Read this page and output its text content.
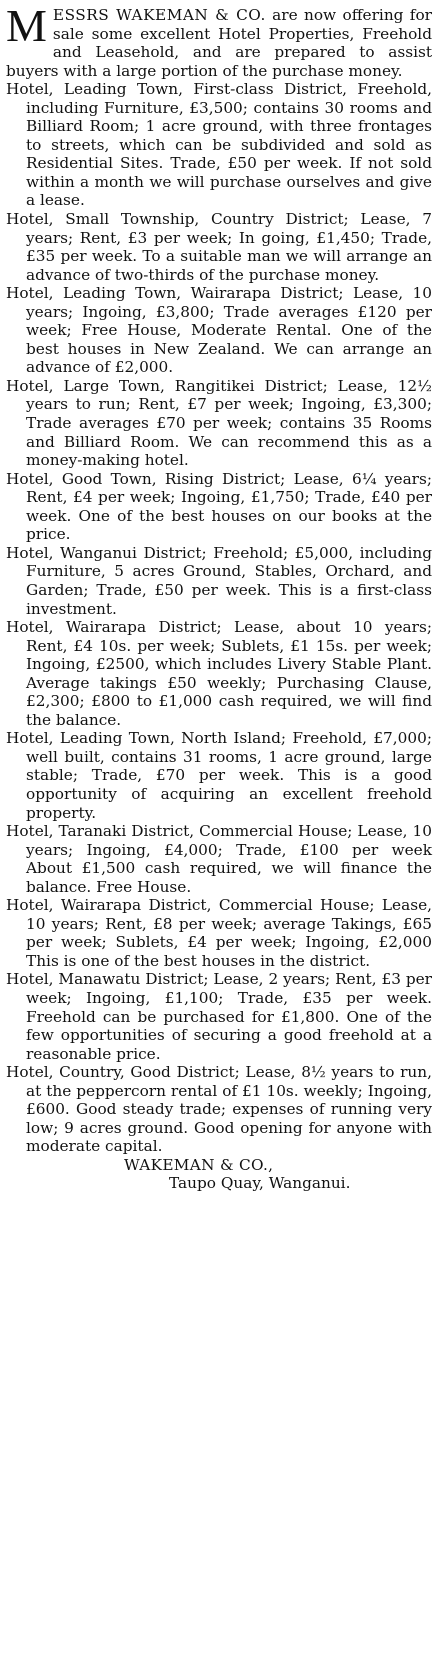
MESSRS WAKEMAN & CO. are now offering for sale some excellent Hotel Properties, Freehold and Leasehold, and are prepared to assist buyers with a large portion of the purchase money.

Hotel, Leading Town, First-class District, Freehold, including Furniture, £3,500; contains 30 rooms and Billiard Room; 1 acre ground, with three frontages to streets, which can be subdivided and sold as Residential Sites. Trade, £50 per week. If not sold within a month we will purchase ourselves and give a lease.

Hotel, Small Township, Country District; Lease, 7 years; Rent, £3 per week; In going, £1,450; Trade, £35 per week. To a suitable man we will arrange an advance of two-thirds of the purchase money.

Hotel, Leading Town, Wairarapa District; Lease, 10 years; Ingoing, £3,800; Trade averages £120 per week; Free House, Moderate Rental. One of the best houses in New Zealand. We can arrange an advance of £2,000.

Hotel, Large Town, Rangitikei District; Lease, 12½ years to run; Rent, £7 per week; Ingoing, £3,300; Trade averages £70 per week; contains 35 Rooms and Billiard Room. We can recommend this as a money-making hotel.

Hotel, Good Town, Rising District; Lease, 6¼ years; Rent, £4 per week; Ingoing, £1,750; Trade, £40 per week. One of the best houses on our books at the price.

Hotel, Wanganui District; Freehold; £5,000, including Furniture, 5 acres Ground, Stables, Orchard, and Garden; Trade, £50 per week. This is a first-class investment.

Hotel, Wairarapa District; Lease, about 10 years; Rent, £4 10s. per week; Sublets, £1 15s. per week; Ingoing, £2500, which includes Livery Stable Plant. Average takings £50 weekly; Purchasing Clause, £2,300; £800 to £1,000 cash required, we will find the balance.

Hotel, Leading Town, North Island; Freehold, £7,000; well built, contains 31 rooms, 1 acre ground, large stable; Trade, £70 per week. This is a good opportunity of acquiring an excellent freehold property.

Hotel, Taranaki District, Commercial House; Lease, 10 years; Ingoing, £4,000; Trade, £100 per week About £1,500 cash required, we will finance the balance. Free House.

Hotel, Wairarapa District, Commercial House; Lease, 10 years; Rent, £8 per week; average Takings, £65 per week; Sublets, £4 per week; Ingoing, £2,000 This is one of the best houses in the district.

Hotel, Manawatu District; Lease, 2 years; Rent, £3 per week; Ingoing, £1,100; Trade, £35 per week. Freehold can be purchased for £1,800. One of the few opportunities of securing a good freehold at a reasonable price.

Hotel, Country, Good District; Lease, 8½ years to run, at the peppercorn rental of £1 10s. weekly; Ingoing, £600. Good steady trade; expenses of running very low; 9 acres ground. Good opening for anyone with moderate capital.

WAKEMAN & CO.,
Taupo Quay, Wanganui.
